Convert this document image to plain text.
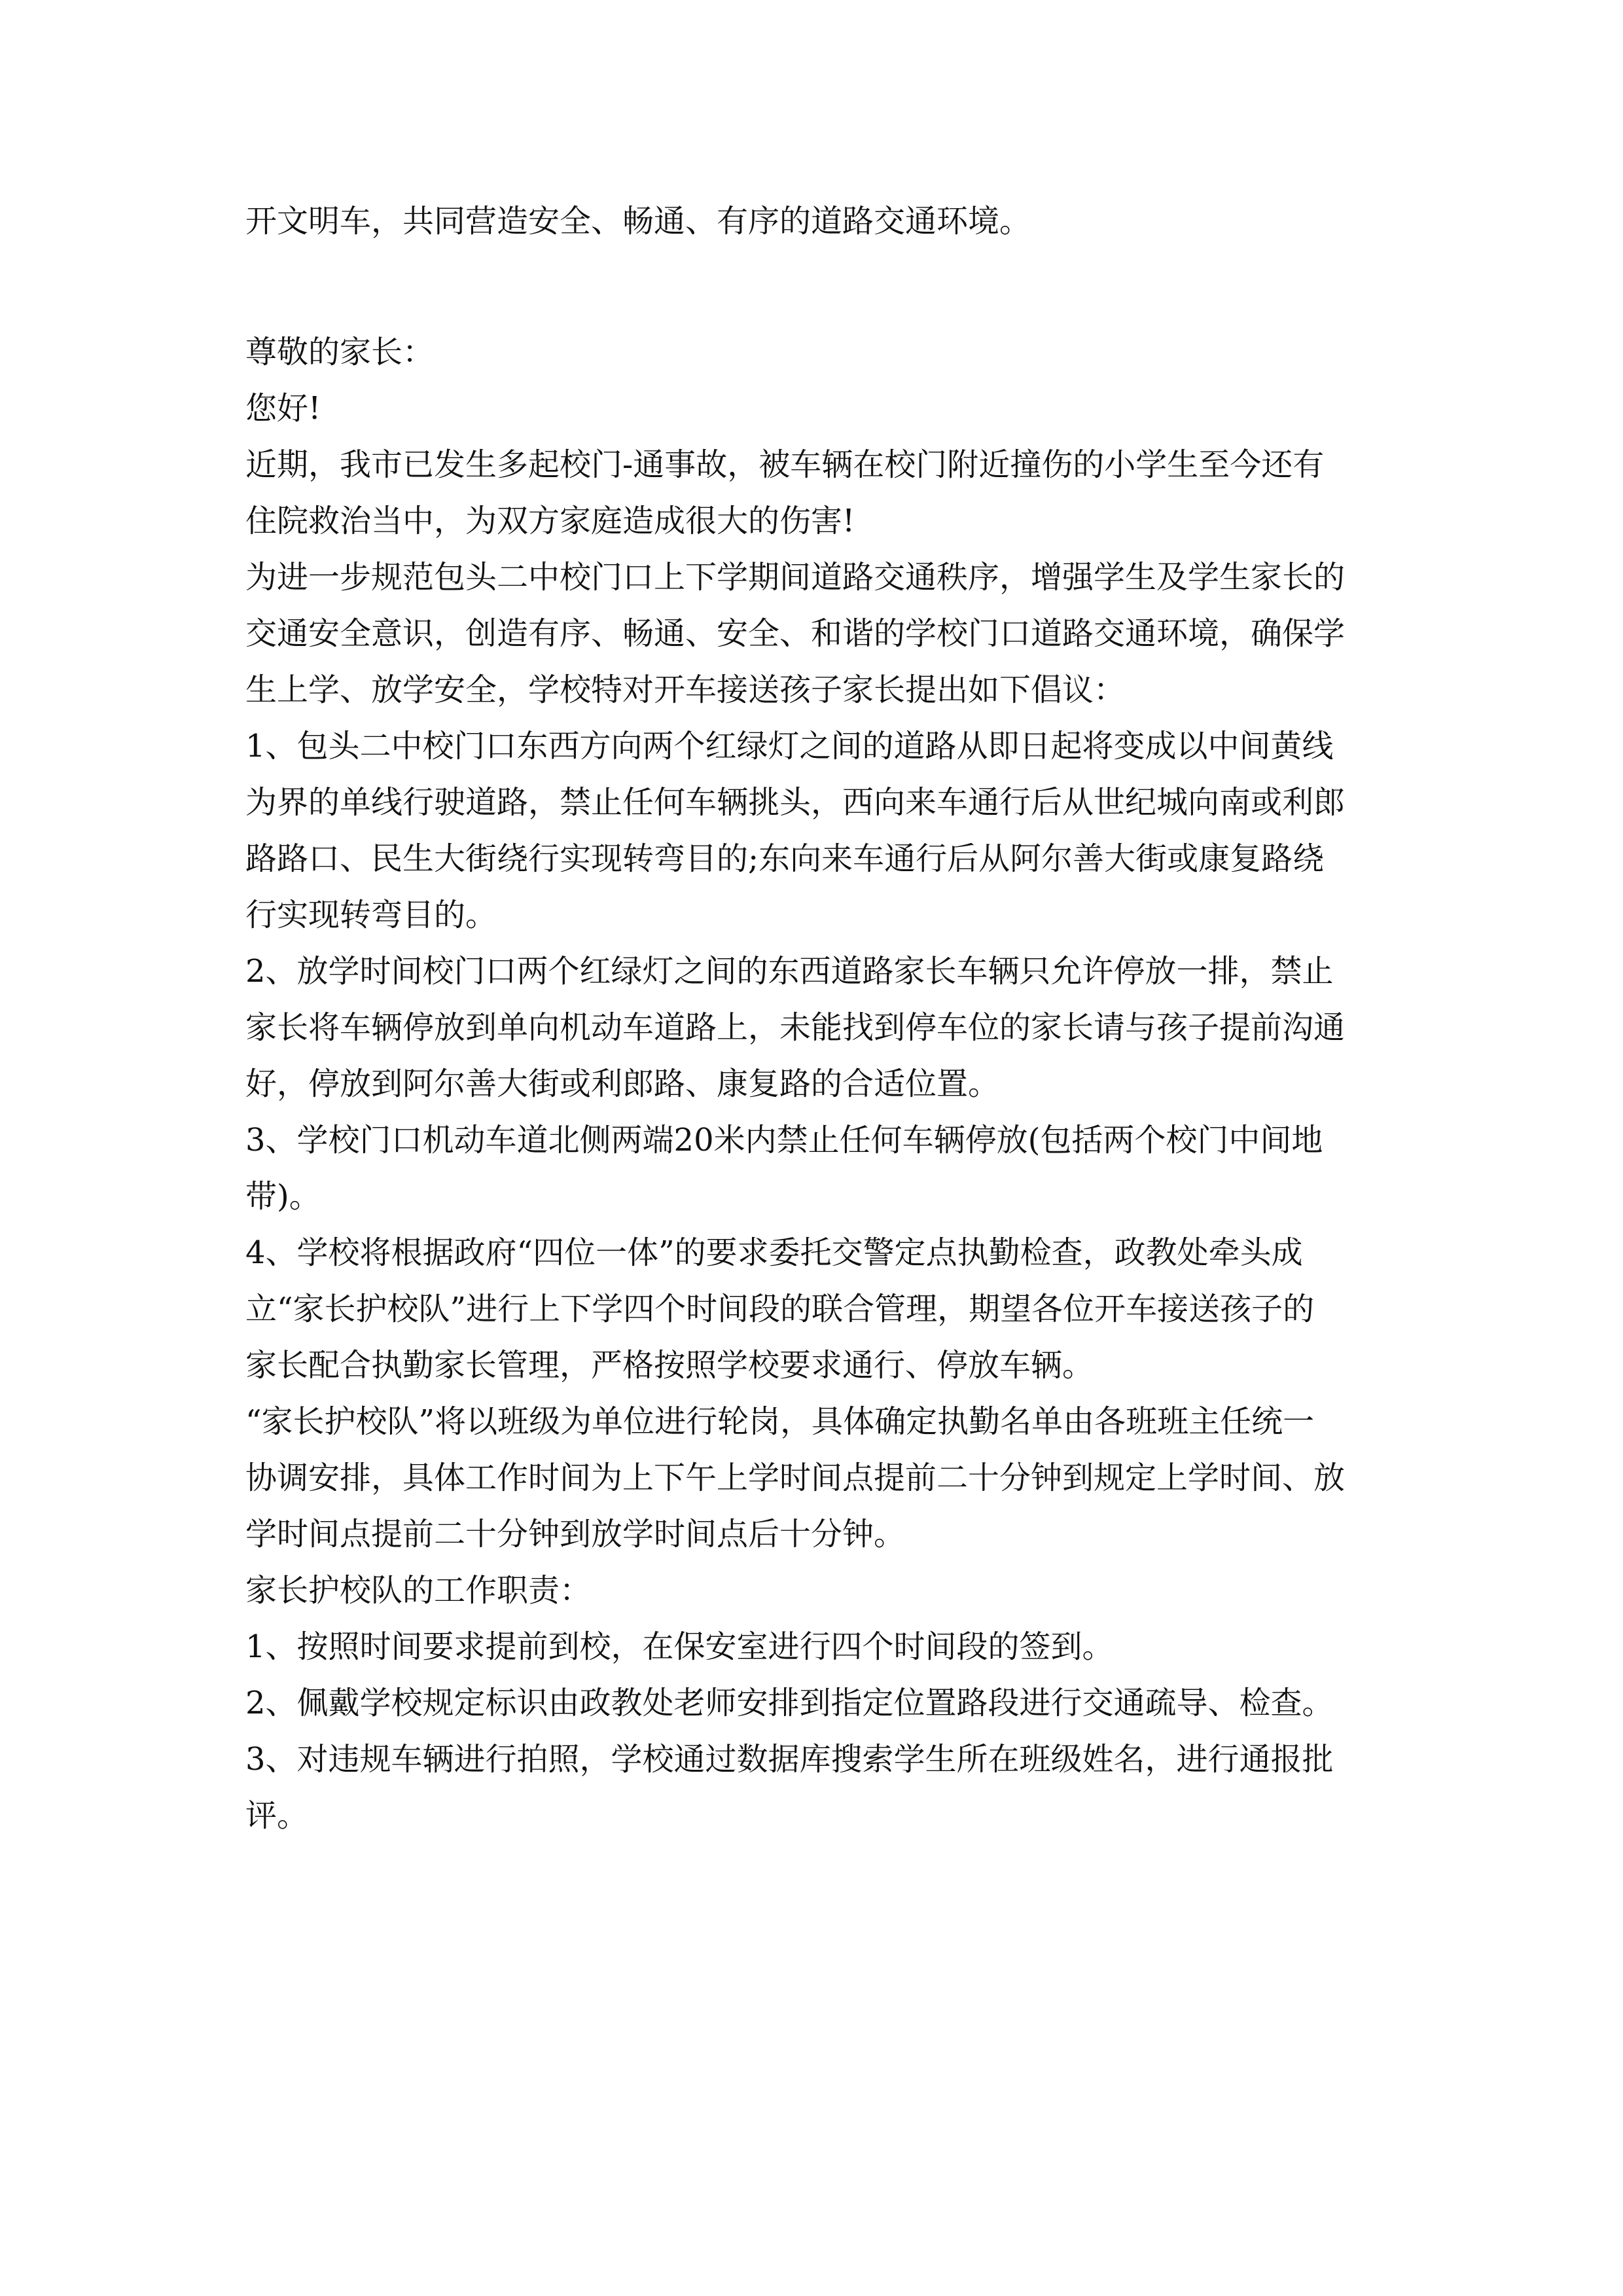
开文明车，共同营造安全、畅通、有序的道路交通环境。
尊敬的家长：
您好!
近期，我市已发生多起校门-通事故，被车辆在校门附近撞伤的小学生至今还有
住院救治当中，为双方家庭造成很大的伤害!
为进一步规范包头二中校门口上下学期间道路交通秩序，增强学生及学生家长的
交通安全意识，创造有序、畅通、安全、和谐的学校门口道路交通环境，确保学
生上学、放学安全，学校特对开车接送孩子家长提出如下倡议：
1、包头二中校门口东西方向两个红绿灯之间的道路从即日起将变成以中间黄线
为界的单线行驶道路，禁止任何车辆挑头，西向来车通行后从世纪城向南或利郎
路路口、民生大街绕行实现转弯目的;东向来车通行后从阿尔善大街或康复路绕
行实现转弯目的。
2、放学时间校门口两个红绿灯之间的东西道路家长车辆只允许停放一排，禁止
家长将车辆停放到单向机动车道路上，未能找到停车位的家长请与孩子提前沟通
好，停放到阿尔善大街或利郎路、康复路的合适位置。
3、学校门口机动车道北侧两端20米内禁止任何车辆停放(包括两个校门中间地
带)。
4、学校将根据政府“四位一体”的要求委托交警定点执勤检查，政教处牵头成
立“家长护校队”进行上下学四个时间段的联合管理，期望各位开车接送孩子的
家长配合执勤家长管理，严格按照学校要求通行、停放车辆。
“家长护校队”将以班级为单位进行轮岗，具体确定执勤名单由各班班主任统一
协调安排，具体工作时间为上下午上学时间点提前二十分钟到规定上学时间、放
学时间点提前二十分钟到放学时间点后十分钟。
家长护校队的工作职责：
1、按照时间要求提前到校，在保安室进行四个时间段的签到。
2、佩戴学校规定标识由政教处老师安排到指定位置路段进行交通疏导、检查。
3、对违规车辆进行拍照，学校通过数据库搜索学生所在班级姓名，进行通报批
评。
